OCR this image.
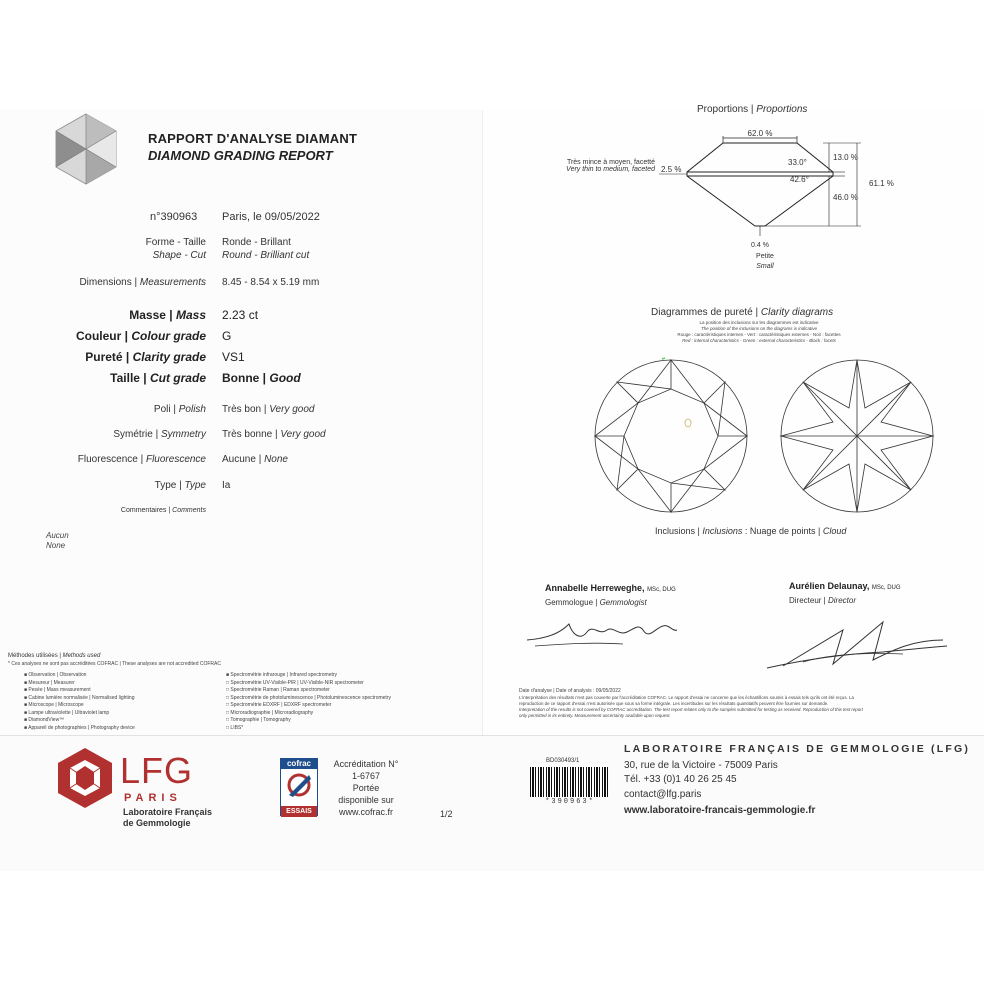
RAPPORT D'ANALYSE DIAMANT
DIAMOND GRADING REPORT
n°390963 Paris, le 09/05/2022
Forme - Taille
Shape - Cut
Ronde - Brillant
Round - Brilliant cut
Dimensions | Measurements 8.45 - 8.54 x 5.19 mm
Masse | Mass 2.23 ct
Couleur | Colour grade G
Pureté | Clarity grade VS1
Taille | Cut grade Bonne | Good
Poli | Polish Très bon | Very good
Symétrie | Symmetry Très bonne | Very good
Fluorescence | Fluorescence Aucune | None
Type | Type Ia
Commentaires | Comments
Aucun
None
Méthodes utilisées | Methods used
* Ces analyses ne sont pas accréditées COFRAC | These analyses are not accredited COFRAC
■ Observation | Observation
■ Mesureur | Measurer
■ Pesée | Mass measurement
■ Cabine lumière normalisée | Normalised lighting
■ Microscope | Microscope
■ Lampe ultraviolette | Ultraviolet lamp
■ DiamondView™
■ Appareil de photographies | Photography device
■ Spectrométrie infrarouge | Infrared spectrometry
□ Spectrométrie UV-Visible-PIR | UV-Visible-NIR spectrometer
□ Spectrométrie Raman | Raman spectrometer
□ Spectrométrie de photoluminescence | Photoluminescence spectrometry
□ Spectrométrie EDXRF | EDXRF spectrometer
□ Microradiographie | Microradiography
□ Tomographie | Tomography
□ LIBS*
Proportions | Proportions
62.0 %
33.0°
13.0 %
42.6°
46.0 %
61.1 %
2.5 %
0.4 %
Petite
Small
Très mince à moyen, facetté
Very thin to medium, faceted
Diagrammes de pureté | Clarity diagrams
La position des inclusions sur les diagrammes est indicative
The position of the inclusions on the diagrams is indicative
Rouge : caractéristiques internes - Vert : caractéristiques externes - Noir : facettes
Red : internal characteristics - Green : external characteristics - Black : facets
Inclusions | Inclusions : Nuage de points | Cloud
Annabelle Herreweghe, MSc, DUG
Gemmologue | Gemmologist
Aurélien Delaunay, MSc, DUG
Directeur | Director
Date d'analyse | Date of analysis : 09/05/2022
L'interprétation des résultats n'est pas couverte par l'accréditation COFRAC. Le rapport d'essai ne concerne que les échantillons soumis à essais tels qu'ils ont été reçus. La
reproduction de ce rapport d'essai n'est autorisée que sous sa forme intégrale. Les incertitudes sur les résultats quantitatifs peuvent être fournies sur demande.
Interpretation of the results is not covered by COFRAC accreditation. The test report relates only to the samples submitted for testing as received. Reproduction of this test report
only permitted in its entirety. Measurement uncertainty available upon request.
LFG
PARIS
Laboratoire Français
de Gemmologie
cofrac
ESSAIS
Accréditation N°
1-6767
Portée
disponible sur
www.cofrac.fr	1/2
BD030493/1
*390963*
LABORATOIRE FRANÇAIS DE GEMMOLOGIE (LFG)
30, rue de la Victoire - 75009 Paris
Tél. +33 (0)1 40 26 25 45
contact@lfg.paris
www.laboratoire-francais-gemmologie.fr
